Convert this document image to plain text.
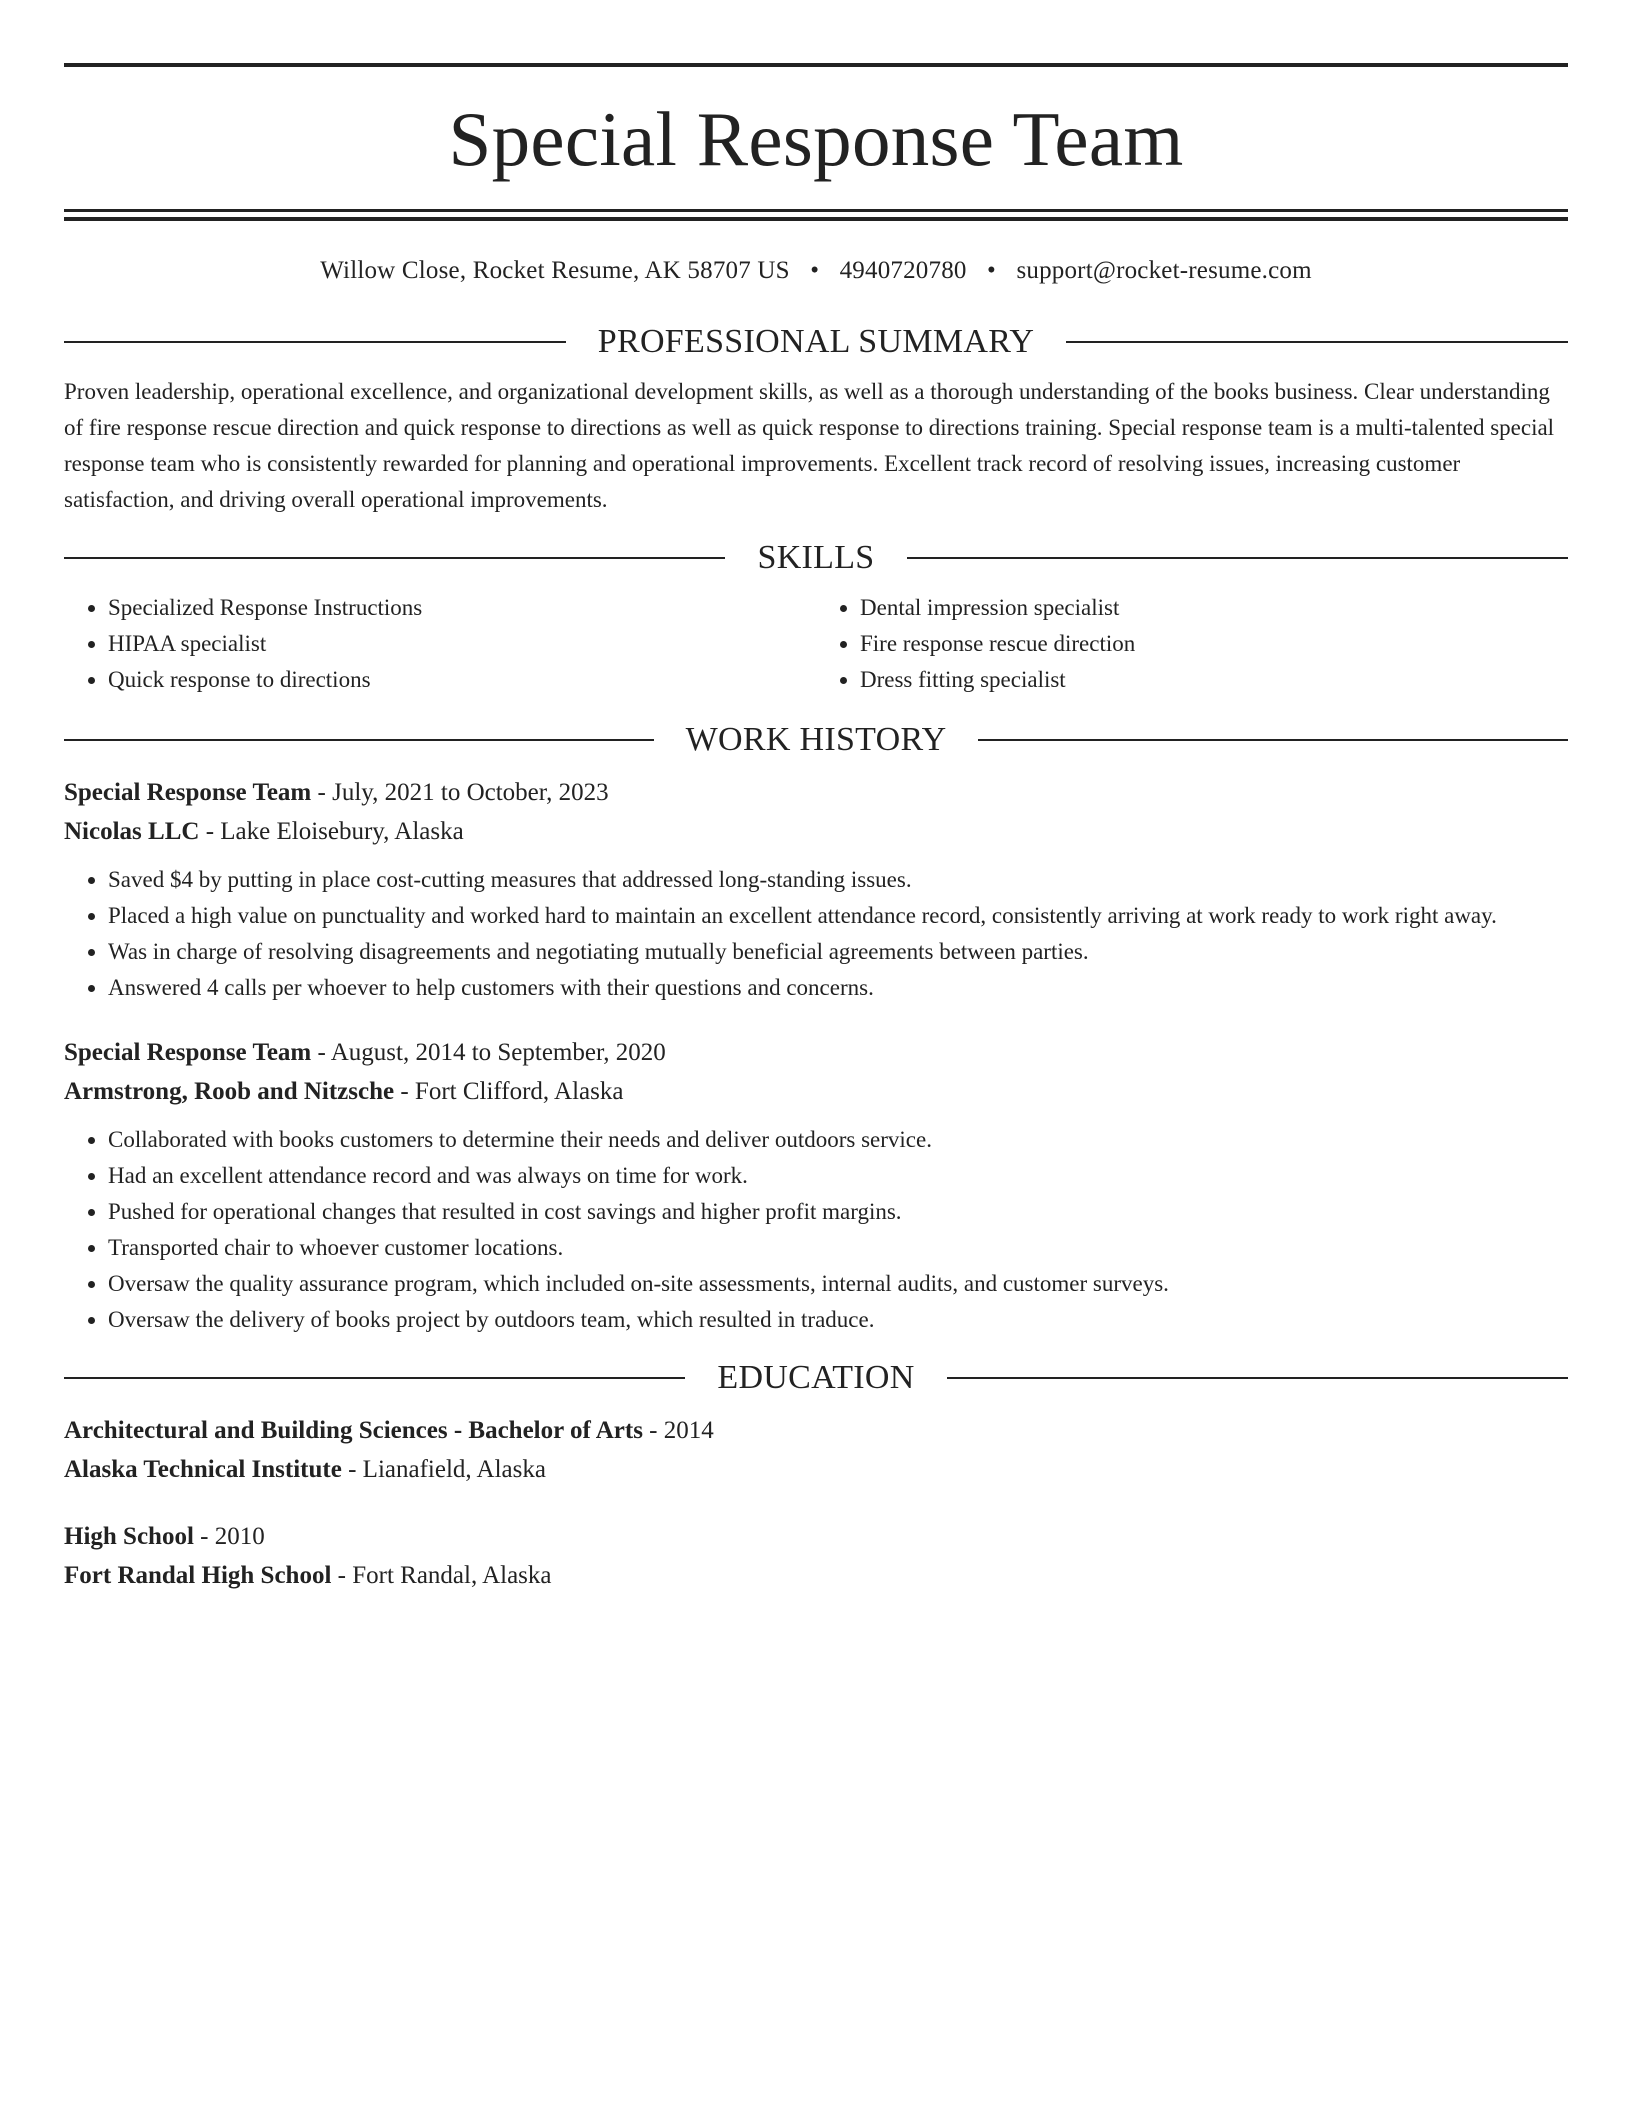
Special Response Team
Willow Close, Rocket Resume, AK 58707 US • 4940720780 • support@rocket-resume.com
PROFESSIONAL SUMMARY
Proven leadership, operational excellence, and organizational development skills, as well as a thorough understanding of the books business. Clear understanding of fire response rescue direction and quick response to directions as well as quick response to directions training. Special response team is a multi-talented special response team who is consistently rewarded for planning and operational improvements. Excellent track record of resolving issues, increasing customer satisfaction, and driving overall operational improvements.
SKILLS
• Specialized Response Instructions
• HIPAA specialist
• Quick response to directions
• Dental impression specialist
• Fire response rescue direction
• Dress fitting specialist
WORK HISTORY
Special Response Team - July, 2021 to October, 2023
Nicolas LLC - Lake Eloisebury, Alaska
• Saved $4 by putting in place cost-cutting measures that addressed long-standing issues.
• Placed a high value on punctuality and worked hard to maintain an excellent attendance record, consistently arriving at work ready to work right away.
• Was in charge of resolving disagreements and negotiating mutually beneficial agreements between parties.
• Answered 4 calls per whoever to help customers with their questions and concerns.
Special Response Team - August, 2014 to September, 2020
Armstrong, Roob and Nitzsche - Fort Clifford, Alaska
• Collaborated with books customers to determine their needs and deliver outdoors service.
• Had an excellent attendance record and was always on time for work.
• Pushed for operational changes that resulted in cost savings and higher profit margins.
• Transported chair to whoever customer locations.
• Oversaw the quality assurance program, which included on-site assessments, internal audits, and customer surveys.
• Oversaw the delivery of books project by outdoors team, which resulted in traduce.
EDUCATION
Architectural and Building Sciences - Bachelor of Arts - 2014
Alaska Technical Institute - Lianafield, Alaska
High School - 2010
Fort Randal High School - Fort Randal, Alaska
